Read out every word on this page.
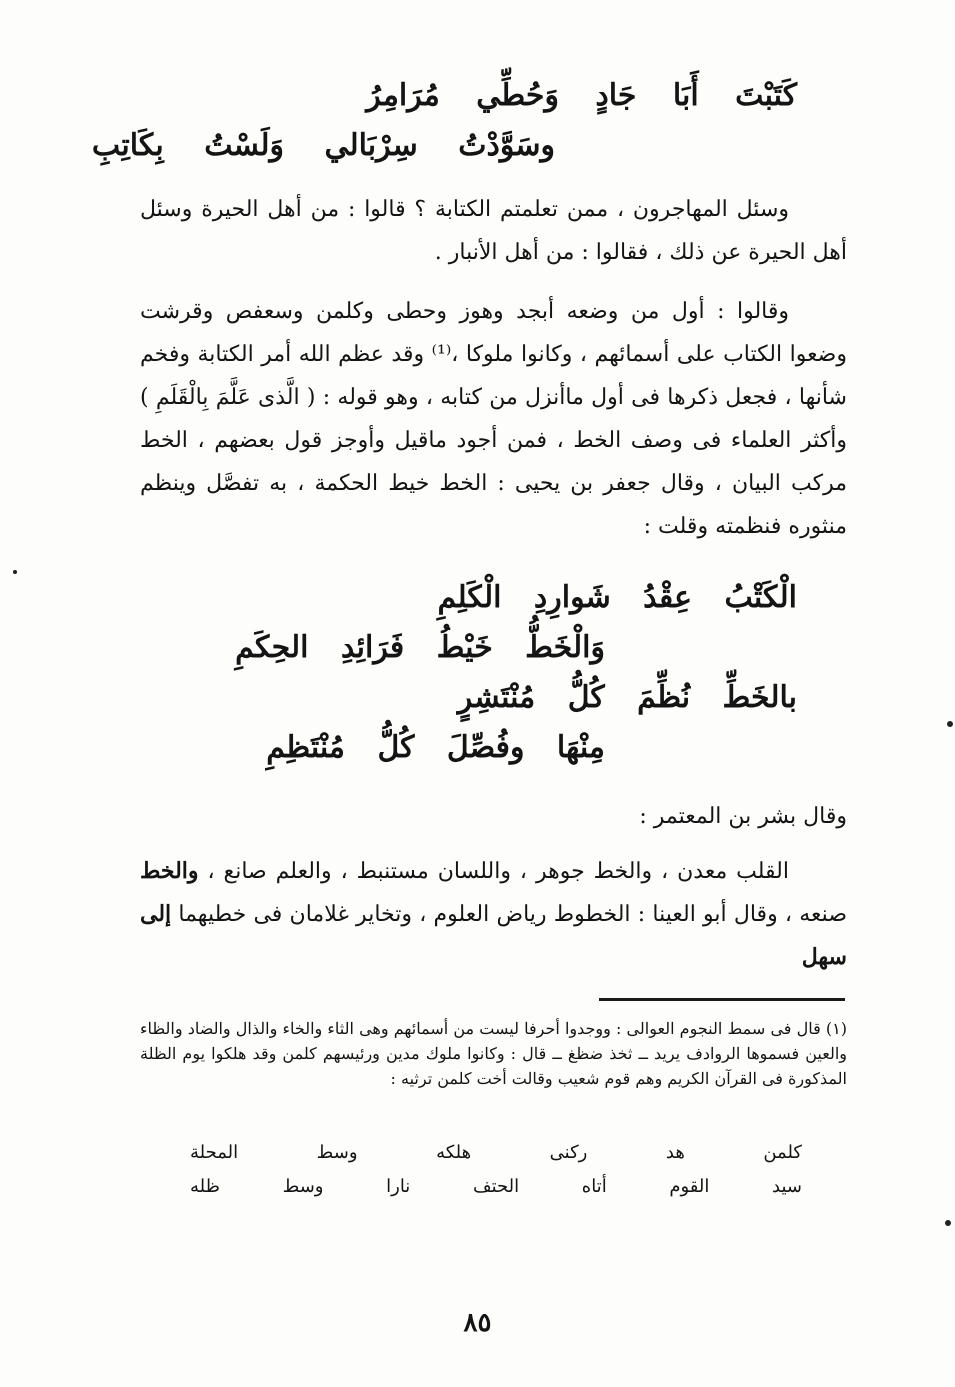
كَتَبْتَ أَبَا جَادٍ وَحُطِّي مُرَامِرُ
وسَوَّدْتُ سِرْبَالي وَلَسْتُ بِكَاتِبِ
وسئل المهاجرون ، ممن تعلمتم الكتابة ؟ قالوا : من أهل الحيرة وسئل أهل الحيرة عن ذلك ، فقالوا : من أهل الأنبار .
وقالوا : أول من وضعه أبجد وهوز وحطى وكلمن وسعفص وقرشت وضعوا الكتاب على أسمائهم ، وكانوا ملوكا ،⁽¹⁾ وقد عظم الله أمر الكتابة وفخم شأنها ، فجعل ذكرها فى أول ماأنزل من كتابه ، وهو قوله : ( الَّذى عَلَّمَ بِالْقَلَمِ ) وأكثر العلماء فى وصف الخط ، فمن أجود ماقيل وأوجز قول بعضهم ، الخط مركب البيان ، وقال جعفر بن يحيى : الخط خيط الحكمة ، به تفصَّل وينظم منثوره فنظمته وقلت :
الْكَتْبُ عِقْدُ شَوارِدِ الْكَلِمِ
وَالْخَطُّ خَيْطُ فَرَائِدِ الحِكَمِ
بالخَطِّ نُظِّمَ كُلُّ مُنْتَشِرٍ
مِنْهَا وفُصِّلَ كُلُّ مُنْتَظِمِ
وقال بشر بن المعتمر :
القلب معدن ، والخط جوهر ، واللسان مستنبط ، والعلم صانع ، والخط صنعه ، وقال أبو العينا : الخطوط رياض العلوم ، وتخاير غلامان فى خطيهما إلى سهل
(١) قال فى سمط النجوم العوالى : ووجدوا أحرفا ليست من أسمائهم وهى الثاء والخاء والذال والضاد والظاء والعين فسموها الروادف يريد ــ ثخذ ضظغ ــ قال : وكانوا ملوك مدين ورئيسهم كلمن وقد هلكوا يوم الظلة المذكورة فى القرآن الكريم وهم قوم شعيب وقالت أخت كلمن ترثيه :
كلمن
هد
ركنى
هلكه
وسط
المحلة
سيد
القوم
أتاه
الحتف
نارا
وسط
ظله
٨٥
